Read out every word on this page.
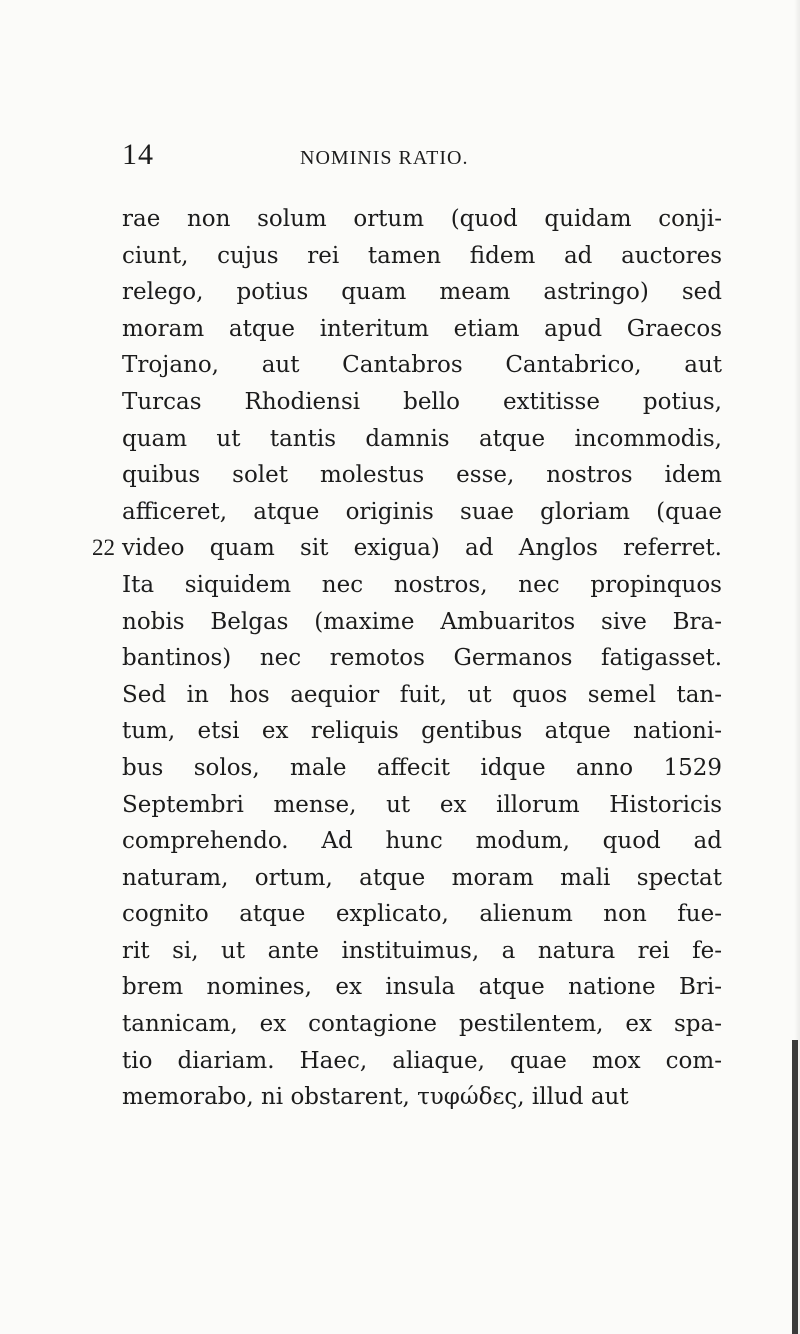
14	NOMINIS RATIO.
rae non solum ortum (quod quidam conji-
ciunt, cujus rei tamen fidem ad auctores
relego, potius quam meam astringo) sed
moram atque interitum etiam apud Graecos
Trojano, aut Cantabros Cantabrico, aut
Turcas Rhodiensi bello extitisse potius,
quam ut tantis damnis atque incommodis,
quibus solet molestus esse, nostros idem
afficeret, atque originis suae gloriam (quae
video quam sit exigua) ad Anglos referret.
22
Ita siquidem nec nostros, nec propinquos
nobis Belgas (maxime Ambuaritos sive Bra-
bantinos) nec remotos Germanos fatigasset.
Sed in hos aequior fuit, ut quos semel tan-
tum, etsi ex reliquis gentibus atque nationi-
bus solos, male affecit idque anno 1529
Septembri mense, ut ex illorum Historicis
comprehendo. Ad hunc modum, quod ad
naturam, ortum, atque moram mali spectat
cognito atque explicato, alienum non fue-
rit si, ut ante instituimus, a natura rei fe-
brem nomines, ex insula atque natione Bri-
tannicam, ex contagione pestilentem, ex spa-
tio diariam. Haec, aliaque, quae mox com-
memorabo, ni obstarent, τυφώδες, illud aut
